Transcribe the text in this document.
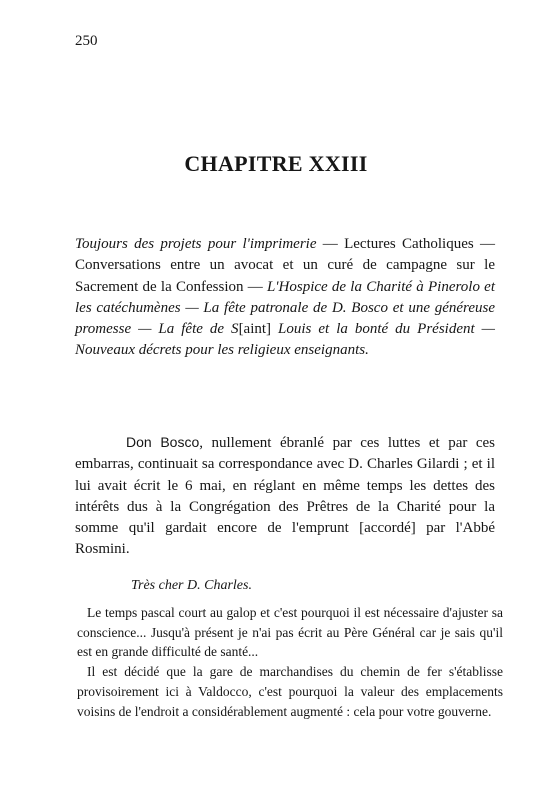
250
CHAPITRE XXIII
Toujours des projets pour l'imprimerie — Lectures Catholiques — Conversations entre un avocat et un curé de campagne sur le Sacrement de la Confession — L'Hospice de la Charité à Pinerolo et les catéchumènes — La fête patronale de D. Bosco et une généreuse promesse — La fête de S[aint] Louis et la bonté du Président — Nouveaux décrets pour les religieux enseignants.
Don Bosco, nullement ébranlé par ces luttes et par ces embarras, continuait sa correspondance avec D. Charles Gilardi ; et il lui avait écrit le 6 mai, en réglant en même temps les dettes des intérêts dus à la Congrégation des Prêtres de la Charité pour la somme qu'il gardait encore de l'emprunt [accordé] par l'Abbé Rosmini.
Très cher D. Charles.

Le temps pascal court au galop et c'est pourquoi il est nécessaire d'ajuster sa conscience... Jusqu'à présent je n'ai pas écrit au Père Général car je sais qu'il est en grande difficulté de santé...

Il est décidé que la gare de marchandises du chemin de fer s'établisse provisoirement ici à Valdocco, c'est pourquoi la valeur des emplacements voisins de l'endroit a considérablement augmenté : cela pour votre gouverne.
